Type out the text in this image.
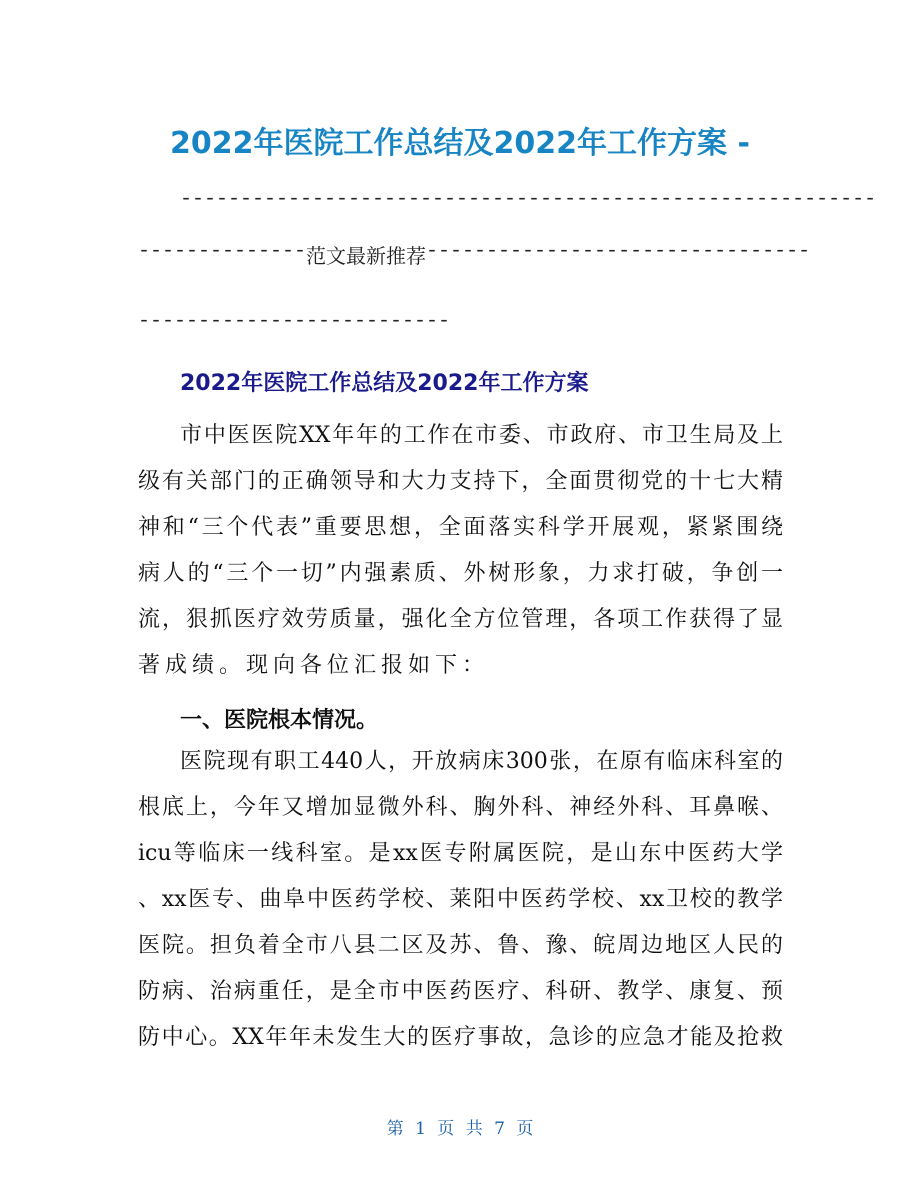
2022年医院工作总结及2022年工作方案 -
----------------------------------------------------------
-------------- 范文最新推荐 --------------------------------
--------------------------
2022年医院工作总结及2022年工作方案
市中医医院XX年年的工作在市委、市政府、市卫生局及上
级有关部门的正确领导和大力支持下，全面贯彻党的十七大精
神和“三个代表”重要思想，全面落实科学开展观，紧紧围绕
病人的“三个一切”内强素质、外树形象，力求打破，争创一
流，狠抓医疗效劳质量，强化全方位管理，各项工作获得了显
著成绩。现向各位汇报如下：
一、医院根本情况。
医院现有职工440人，开放病床300张，在原有临床科室的
根底上，今年又增加显微外科、胸外科、神经外科、耳鼻喉、
icu等临床一线科室。是xx医专附属医院，是山东中医药大学
、xx医专、曲阜中医药学校、莱阳中医药学校、xx卫校的教学
医院。担负着全市八县二区及苏、鲁、豫、皖周边地区人民的
防病、治病重任，是全市中医药医疗、科研、教学、康复、预
防中心。XX年年未发生大的医疗事故，急诊的应急才能及抢救
第 1 页 共 7 页
